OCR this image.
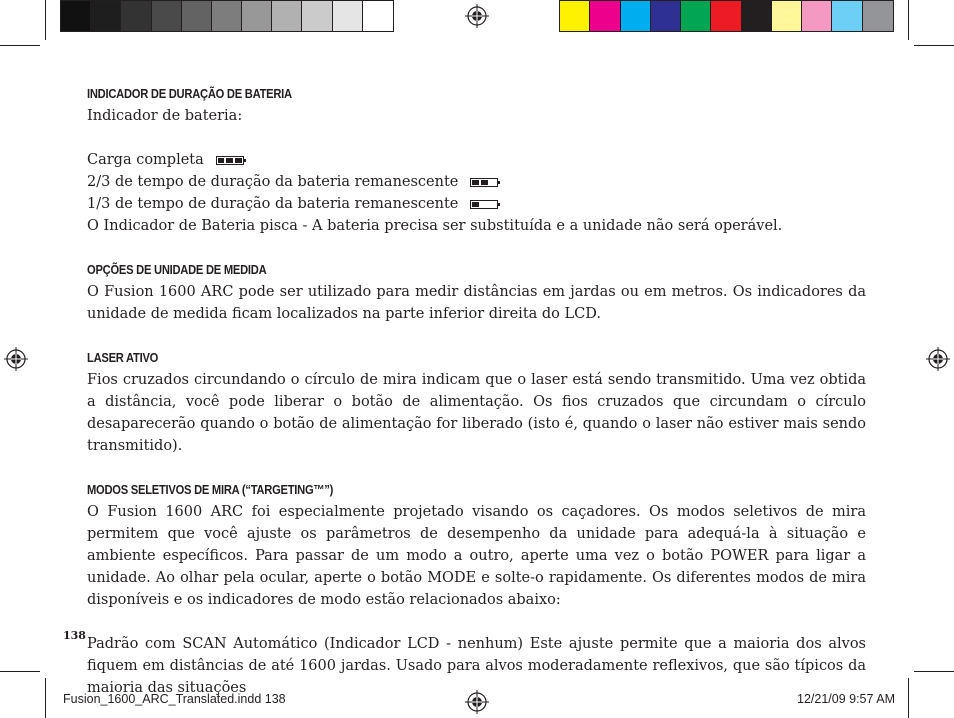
INDICADOR DE DURAÇÃO DE BATERIA

Indicador de bateria:

Carga completa
2/3 de tempo de duração da bateria remanescente
1/3 de tempo de duração da bateria remanescente

O Indicador de Bateria pisca - A bateria precisa ser substituída e a unidade não será operável.

OPÇÕES DE UNIDADE DE MEDIDA

O Fusion 1600 ARC pode ser utilizado para medir distâncias em jardas ou em metros. Os indicadores da unidade de medida ficam localizados na parte inferior direita do LCD.

LASER ATIVO

Fios cruzados circundando o círculo de mira indicam que o laser está sendo transmitido. Uma vez obtida a distância, você pode liberar o botão de alimentação. Os fios cruzados que circundam o círculo desaparecerão quando o botão de alimentação for liberado (isto é, quando o laser não estiver mais sendo transmitido).

MODOS SELETIVOS DE MIRA (“TARGETING™”)

O Fusion 1600 ARC foi especialmente projetado visando os caçadores. Os modos seletivos de mira permitem que você ajuste os parâmetros de desempenho da unidade para adequá-la à situação e ambiente específicos. Para passar de um modo a outro, aperte uma vez o botão POWER para ligar a unidade. Ao olhar pela ocular, aperte o botão MODE e solte-o rapidamente. Os diferentes modos de mira disponíveis e os indicadores de modo estão relacionados abaixo:

Padrão com SCAN Automático (Indicador LCD - nenhum) Este ajuste permite que a maioria dos alvos fiquem em distâncias de até 1600 jardas. Usado para alvos moderadamente reflexivos, que são típicos da maioria das situações

138
Fusion_1600_ARC_Translated.indd 138	12/21/09 9:57 AM
